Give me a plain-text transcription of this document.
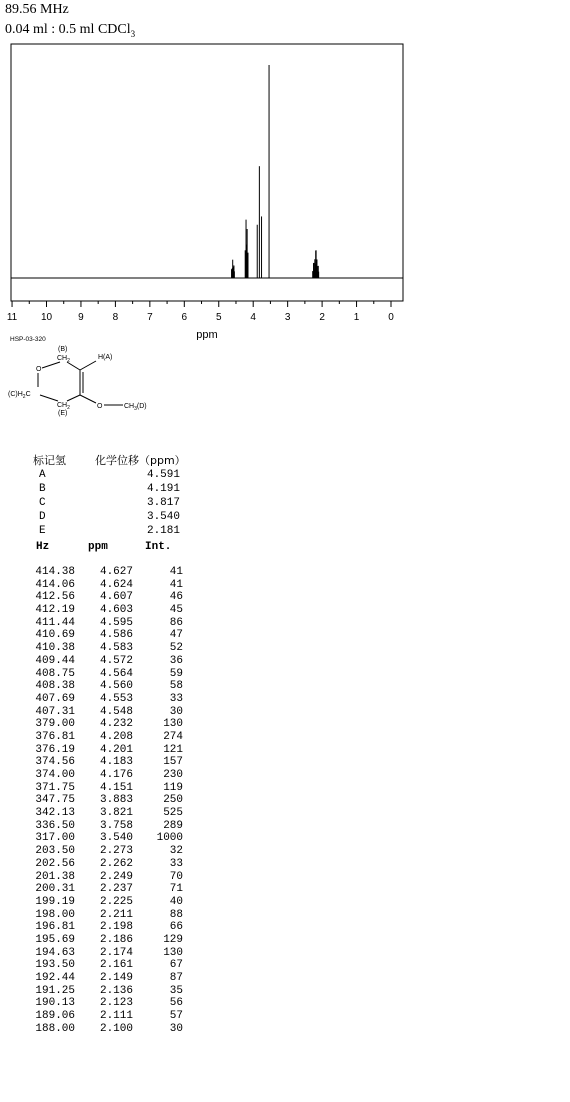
89.56 MHz
0.04 ml : 0.5 ml CDCl$_3$
11 10	9	8	7	6	5	4	3	2	1	0
ppm
HSP-03-320
(B)
$CH_2$	H(A)
O
$(C)H_2C$
$CH_2$
(E)
O	$CH_3(D)$
标记氢	化学位移（ppm）
A	4.591
B	4.191
C	3.817
D	3.540
E	2.181
Hz	ppm	Int.
414.38	4.627	41
414.06	4.624	41
412.56	4.607	46
412.19	4.603	45
411.44	4.595	86
410.69	4.586	47
410.38	4.583	52
409.44	4.572	36
408.75	4.564	59
408.38	4.560	58
407.69	4.553	33
407.31	4.548	30
379.00	4.232	130
376.81	4.208	274
376.19	4.201	121
374.56	4.183	157
374.00	4.176	230
371.75	4.151	119
347.75	3.883	250
342.13	3.821	525
336.50	3.758	289
317.00	3.540	1000
203.50	2.273	32
202.56	2.262	33
201.38	2.249	70
200.31	2.237	71
199.19	2.225	40
198.00	2.211	88
196.81	2.198	66
195.69	2.186	129
194.63	2.174	130
193.50	2.161	67
192.44	2.149	87
191.25	2.136	35
190.13	2.123	56
189.06	2.111	57
188.00	2.100	30
